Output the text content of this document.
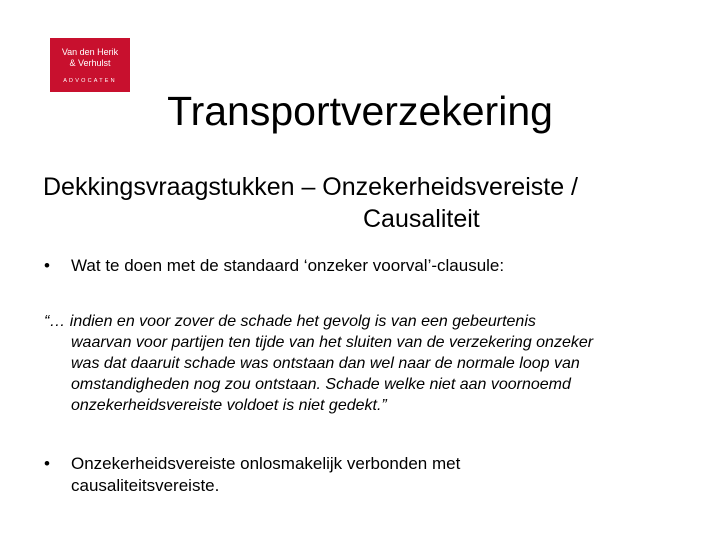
Van den Herik
& Verhulst
ADVOCATEN
Transportverzekering
Dekkingsvraagstukken – Onzekerheidsvereiste /
Causaliteit
•	Wat te doen met de standaard ‘onzeker voorval’-clausule:
“… indien en voor zover de schade het gevolg is van een gebeurtenis
waarvan voor partijen ten tijde van het sluiten van de verzekering onzeker
was dat daaruit schade was ontstaan dan wel naar de normale loop van
omstandigheden nog zou ontstaan. Schade welke niet aan voornoemd
onzekerheidsvereiste voldoet is niet gedekt.”
• Onzekerheidsvereiste onlosmakelijk verbonden met
causaliteitsvereiste.
